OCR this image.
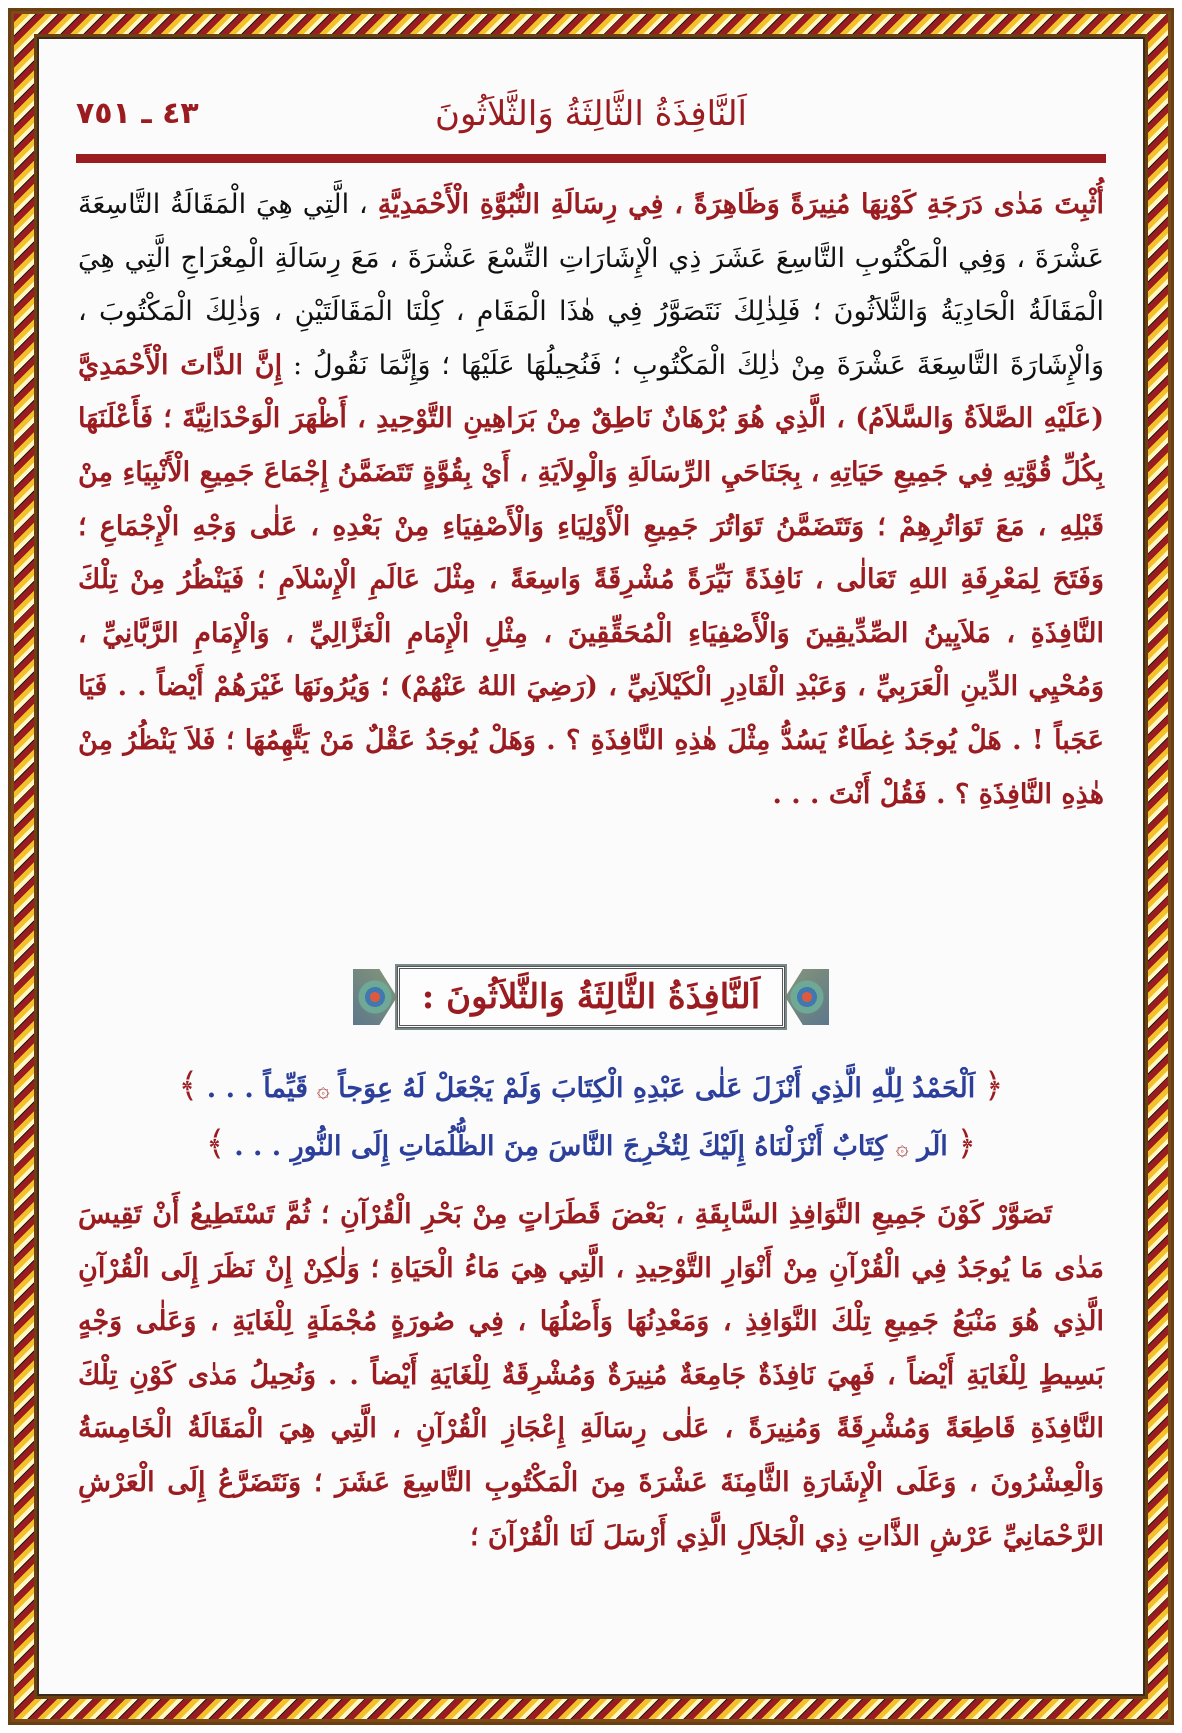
اَلنَّافِذَةُ الثَّالِثَةُ وَالثَّلاَثُونَ
٤٣ ـ ٧٥١
أُثْبِتَ مَدٰى دَرَجَةِ كَوْنِهَا مُنِيرَةً وَظَاهِرَةً ، فِي رِسَالَةِ النُّبُوَّةِ الْأَحْمَدِيَّةِ ، الَّتِي هِيَ الْمَقَالَةُ التَّاسِعَةَ عَشْرَةَ ، وَفِي الْمَكْتُوبِ التَّاسِعَ عَشَرَ ذِي الْإِشَارَاتِ التِّسْعَ عَشْرَةَ ، مَعَ رِسَالَةِ الْمِعْرَاجِ الَّتِي هِيَ الْمَقَالَةُ الْحَادِيَةُ وَالثَّلاَثُونَ ؛ فَلِذٰلِكَ نَتَصَوَّرُ فِي هٰذَا الْمَقَامِ ، كِلْتَا الْمَقَالَتَيْنِ ، وَذٰلِكَ الْمَكْتُوبَ ، وَالْإِشَارَةَ التَّاسِعَةَ عَشْرَةَ مِنْ ذٰلِكَ الْمَكْتُوبِ ؛ فَنُحِيلُهَا عَلَيْهَا ؛ وَإِنَّمَا نَقُولُ : إِنَّ الذَّاتَ الْأَحْمَدِيَّ (عَلَيْهِ الصَّلاَةُ وَالسَّلاَمُ) ، الَّذِي هُوَ بُرْهَانٌ نَاطِقٌ مِنْ بَرَاهِينِ التَّوْحِيدِ ، أَظْهَرَ الْوَحْدَانِيَّةَ ؛ فَأَعْلَنَهَا بِكُلِّ قُوَّتِهِ فِي جَمِيعِ حَيَاتِهِ ، بِجَنَاحَيِ الرِّسَالَةِ وَالْوِلاَيَةِ ، أَيْ بِقُوَّةٍ تَتَضَمَّنُ إِجْمَاعَ جَمِيعِ الْأَنْبِيَاءِ مِنْ قَبْلِهِ ، مَعَ تَوَاتُرِهِمْ ؛ وَتَتَضَمَّنُ تَوَاتُرَ جَمِيعِ الْأَوْلِيَاءِ وَالْأَصْفِيَاءِ مِنْ بَعْدِهِ ، عَلٰى وَجْهِ الْإِجْمَاعِ ؛ وَفَتَحَ لِمَعْرِفَةِ اللهِ تَعَالٰى ، نَافِذَةً نَيِّرَةً مُشْرِقَةً وَاسِعَةً ، مِثْلَ عَالَمِ الْإِسْلاَمِ ؛ فَيَنْظُرُ مِنْ تِلْكَ النَّافِذَةِ ، مَلاَيِينُ الصِّدِّيقِينَ وَالْأَصْفِيَاءِ الْمُحَقِّقِينَ ، مِثْلِ الْإِمَامِ الْغَزَّالِيِّ ، وَالْإِمَامِ الرَّبَّانِيِّ ، وَمُحْيِي الدِّينِ الْعَرَبِيِّ ، وَعَبْدِ الْقَادِرِ الْكَيْلاَنِيِّ ، (رَضِيَ اللهُ عَنْهُمْ) ؛ وَيُرُونَهَا غَيْرَهُمْ أَيْضاً . . فَيَا عَجَباً ! . هَلْ يُوجَدُ غِطَاءٌ يَسُدُّ مِثْلَ هٰذِهِ النَّافِذَةِ ؟ . وَهَلْ يُوجَدُ عَقْلٌ مَنْ يَتَّهِمُهَا ؛ فَلاَ يَنْظُرُ مِنْ هٰذِهِ النَّافِذَةِ ؟ . فَقُلْ أَنْتَ . . .
اَلنَّافِذَةُ الثَّالِثَةُ وَالثَّلاَثُونَ :
﴿ اَلْحَمْدُ لِلّٰهِ الَّذِي أَنْزَلَ عَلٰى عَبْدِهِ الْكِتَابَ وَلَمْ يَجْعَلْ لَهُ عِوَجاً ۞ قَيِّماً . . . ﴾
﴿ الٓر ۞ كِتَابٌ أَنْزَلْنَاهُ إِلَيْكَ لِتُخْرِجَ النَّاسَ مِنَ الظُّلُمَاتِ إِلَى النُّورِ . . . ﴾
تَصَوَّرْ كَوْنَ جَمِيعِ النَّوَافِذِ السَّابِقَةِ ، بَعْضَ قَطَرَاتٍ مِنْ بَحْرِ الْقُرْآنِ ؛ ثُمَّ تَسْتَطِيعُ أَنْ تَقِيسَ مَدٰى مَا يُوجَدُ فِي الْقُرْآنِ مِنْ أَنْوَارِ التَّوْحِيدِ ، الَّتِي هِيَ مَاءُ الْحَيَاةِ ؛ وَلٰكِنْ إِنْ نَظَرَ إِلَى الْقُرْآنِ الَّذِي هُوَ مَنْبَعُ جَمِيعِ تِلْكَ النَّوَافِذِ ، وَمَعْدِنُهَا وَأَصْلُهَا ، فِي صُورَةٍ مُجْمَلَةٍ لِلْغَايَةِ ، وَعَلٰى وَجْهٍ بَسِيطٍ لِلْغَايَةِ أَيْضاً ، فَهِيَ نَافِذَةٌ جَامِعَةٌ مُنِيرَةٌ وَمُشْرِقَةٌ لِلْغَايَةِ أَيْضاً . . وَنُحِيلُ مَدٰى كَوْنِ تِلْكَ النَّافِذَةِ قَاطِعَةً وَمُشْرِقَةً وَمُنِيرَةً ، عَلٰى رِسَالَةِ إِعْجَازِ الْقُرْآنِ ، الَّتِي هِيَ الْمَقَالَةُ الْخَامِسَةُ وَالْعِشْرُونَ ، وَعَلَى الْإِشَارَةِ الثَّامِنَةَ عَشْرَةَ مِنَ الْمَكْتُوبِ التَّاسِعَ عَشَرَ ؛ وَنَتَضَرَّعُ إِلَى الْعَرْشِ الرَّحْمَانِيِّ عَرْشِ الذَّاتِ ذِي الْجَلاَلِ الَّذِي أَرْسَلَ لَنَا الْقُرْآنَ ؛
